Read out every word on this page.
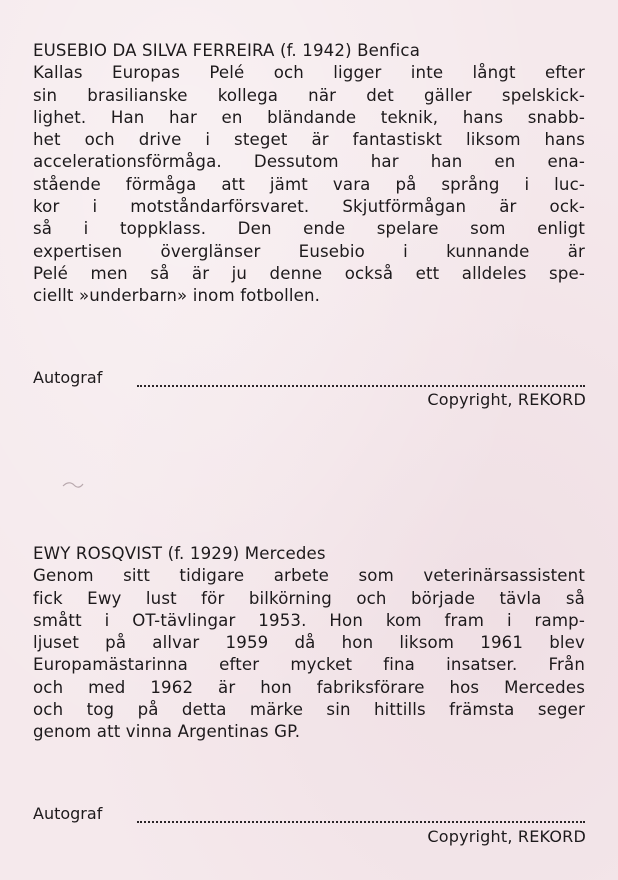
EUSEBIO DA SILVA FERREIRA (f. 1942) Benfica
Kallas Europas Pelé och ligger inte långt efter
sin brasilianske kollega när det gäller spelskick-
lighet. Han har en bländande teknik, hans snabb-
het och drive i steget är fantastiskt liksom hans
accelerationsförmåga. Dessutom har han en ena-
stående förmåga att jämt vara på språng i luc-
kor i motståndarförsvaret. Skjutförmågan är ock-
så i toppklass. Den ende spelare som enligt
expertisen överglänser Eusebio i kunnande är
Pelé men så är ju denne också ett alldeles spe-
ciellt »underbarn» inom fotbollen.
Autograf
Copyright, REKORD
EWY ROSQVIST (f. 1929) Mercedes
Genom sitt tidigare arbete som veterinärsassistent
fick Ewy lust för bilkörning och började tävla så
smått i OT-tävlingar 1953. Hon kom fram i ramp-
ljuset på allvar 1959 då hon liksom 1961 blev
Europamästarinna efter mycket fina insatser. Från
och med 1962 är hon fabriksförare hos Mercedes
och tog på detta märke sin hittills främsta seger
genom att vinna Argentinas GP.
Autograf
Copyright, REKORD
